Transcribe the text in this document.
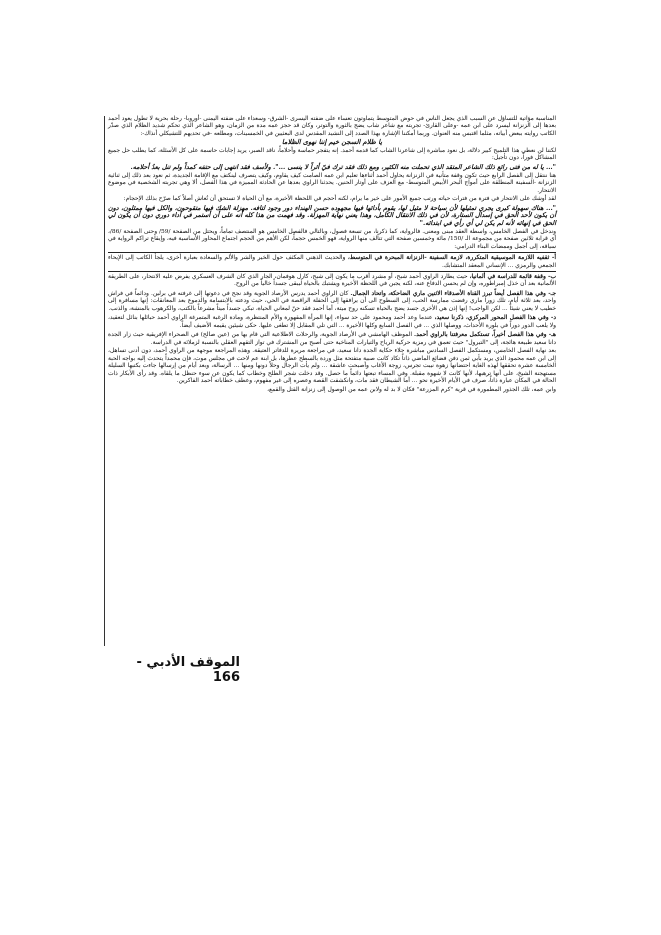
المناسبة مؤاتية للتساؤل عن السبب الذي يجعل الناس في حوض المتوسط يتماوتون تعساء على ضفته اليسرى -الشرق- وسعداء على ضفته اليمنى -أوروبا- رحلة بحرية لا تطول يعود أحمد بعدها إلى الزنزانة ليسرد على ابن عمه -وعلى القارئ- تجربته مع شاعر شاب يضج بالثورة والتوتر، وكان قد حجز عمه مدة من الزمان، وهو الشاعر الذي تحكم شديد الظلام الذي صدّر الكاتب روايته ببعض أبياته، مثلما اقتبس منه العنوان. وربما أمكننا الإشارة بهذا الصدد إلى النشيد المقدس لدى البعثيين في الخمسينات، ومطلعه -في تحديهم للتشيكلي أنذاك-:

يا ظلام السجن خيم إننا نهوى الظلاما

لكننا لن نعطي هذا التلميح كبير دلالة، بل نعود مباشرة إلى شاعرنا الشاب كما قدمه أحمد. إنه يتفجر حماسة وأحلاماً، ناقد الصبر، يريد إجابات حاسمة على كل الأسئلة، كما يطلب حل جميع المشاكل فوراً، دون تأجيل:

"... يا له من فتى رائع ذلك الشاعر المتقد الذي تحملت منه الكثير، ومع ذلك فقد ترك فيّ أثراً لا ينسى ...". ولأسف فقد انتهى إلى حتفه كمداً ولم تنل بعدُ أحلامه.

هنا ننتقل إلى الفصل الرابع حيث تكون وقفة متأنية في الزنزانة يحاول أحمد أثناءها تعليم ابن عمه الصامت كيف يقاوم، وكيف يتصرف لينكتف مع الإقامة الجديدة، ثم نعود بعد ذلك إلى ثنائية الزنزانة -السفينة المنطلقة على أمواج البحر الأبيض المتوسط- مع العزف على أوتار الحنين. يحدثنا الراوي بعدها عن الحادثة المميزة في هذا الفصل، ألا وهي تجربته الشخصية في موضوع الانتحار.

لقد أوشك على الانتحار في فترة من فترات حياته ورتب جميع الأمور على خير ما يرام، لكنه أحجم في اللحظة الأخيرة، مع أن الحياة لا تستحق أن تُعاش أصلاً كما صرّح بذلك الإحجام:

"... هناك سهولة كبرى يجري تمثيلها لأن سياحة لا مثيل لها، يقوم بأدائها فيها مجهوده حسن الهنداء دور وجود لتافه. مهزلة الشك فيها متقوحون، والكل فيها ممثلون، دون أن يكون لأحد الحق في إسدال الستارة، لأن في ذلك الانتقال الكامل، وهذا يعني نهاية المهزلة. وقد فهمت من هذا كله أنه على أن أستمر في أداء دوري دون أن يكون لي الحق في إنهائه لأنه لم يكن لي أي رأي في ابتدائه."

وندخل في الفصل الخامس، واسطة العقد مبنى ومعنى. فالرواية، كما ذكرنا، من تسعة فصول، وبالتالي فالفصل الخامس هو المنتصف تماماً، ويحتل من الصفحة /59/ وحتى الصفحة /86/، أي قرابة ثلاثين صفحة من مجموعة الـ /150/ مائة وخمسين صفحة التي تتألف منها الرواية، فهو الخمس حجماً، لكن الأهم من الحجم اجتماع المحاور الأساسية فيه، وإيقاع تراكم الرواية في سياقه، إلى أجمل وممضات البناء الدرامي:

أ- ثقفيه اللازمة الموسيقية المتكررة، لازمة السفينة -الزنزانة المبحرة في المتوسط، والحديث الذهني المكثف حول الخير والشر والألم والسعادة بعبارة أخرى، يلجأ الكاتب إلى الإيحاء الجمعي والرمزي ... الإنساني المعقد المتشابك.

ب- وقفة قائمة للدراسة في ألمانيا، حيث يطارد الراوي أحمد شبح، أو مشرد أقرب ما يكون إلى شبح، كارل هوفمان، الجار الذي كان الشرف العسكري يفرض عليه الانتحار، على الطريقة الألمانية بعد أن خذل إمبراطوره، وإن لم يحسن الدفاع عنه، لكنه يجبن في اللحظة الأخيرة ويشتبك بالحياة ليبقى جسداً خالياً من الروح.

جـ- وفي هذا الفصل أيضاً تبرز القناة الأصدقاء الاثنين ماري الضاحكة، واتحاد الجمال. كان الراوي أحمد يدرس الأرصاد الجوية وقد نجح في دعوتها إلى غرفته في برلين. ودائماً في فراش واحد، بعد ثلاثة أيام، تلك زورا ماري رفضت ممارسة الحب، إلى السطوح الى أن يرافقها إلى الحفلة الراقصة في الحي، حيث ودعته بالابتسامة والدموع بعد المعانقات: إنها مسافرة إلى خطيب لا يعني شيئاً ... لكن الواجب! إنها إذن هي الأخرى جسد يضج بالحياة تسكنه روح ميتة، أما أحمد فقد حنّ لمعاني الحياة، تبكي جسداً ميتاً مشرعاً بالكتب، والكرهوب بالمنشة، والذنب.

د- وفي هذا الفصل المحور المركزي، ذكرنا سعيد، عندما وعد أحمد ومحمود على حد سواء، إنها المرأة المقهورة والأم المنتظرة، ومادة الرغبة المتمرغة الراوي أحمد حبائلها بنائل لتعقيد، ولا يلعب الدور دوراً في بلورة الأحداث، ووصلها الذي ... في الفصل السابع وكلها الأخيرة ... التي تلي المقابل إلا تطغى عليها. حكى شيئين يقيمه الأضيف أيضاً.

هـ- وفي هذا الفصل أخيراً، تستكمل معرفتنا بالراوي أحمد. الموظف الهامشي في الأرصاد الجوية، والرحلات الاطلاعية التي قام بها من (عين صالح) في الصحراء الإفريقية حيث زار الجدة دانا سعيد طبيعة هائجة، إلى "التيرول" حيث تعمق في رمزية حركية الرياح والتيارات المناخية حتى أصبح من المشترك في تواز التقهم العقلي بالنسبة لزملائه في الدراسة.

بعد نهاية الفصل الخامس، ومستكمل الفصل السادس مباشرة جلاء حكاية الجدة دانا سعيد، في مراجعة مريرة للدفاتر العتيقة. وهذه المراجعة موجهة من الراوي أحمد، دون أدنى تساهل، إلى ابن عمه محمود الذي يريد بأبي ثمن دفن فضائع الماضي ذاتاً تكاد كانت صبية متفتحة مثل وردة بالسطح عطرها، بل ابنة عم لاحت في مجلس موت، فإن محمداً يتحدث إليه بواجه الحبة الخامسة عشرة تحققها لهذه الغاية احتضانها زهوة نيبت تجرس، زوجة الأغاب وأصبحت عاشقة ... ولم يأت الرجال وحلاً دونها ومنها ... الرسالة، وبعد أيام من إرسالها جاءت بكتبها السليلة مستهجنة الشيخ، على أنها ترهبها، لأنها كانت لا شهوة مقبلة. وفي المساء تبعتها دائماً ما حصل. وقد دخلت شجر الطلح وخطاب كما يكون عن سوء حنظل ما يلقاه. وقد رأى الأبكار ذات الحالة في المكان عبارة ذاتاً، صرف في الأيام الأخيرة نحو ... أما الشيطان فقد مات، وانكشفت القصة وعصره إلى غير مفهوم، وعطف خطاباته أحمد الفاكرين.

وابن عمه، تلك الجذور المطمورة في قرية "كرم المزرعة" فكان لا بد له ولابن عمه من الوصول إلى زنزانة القتل والقمع،

الموقف الأدبي - 166
